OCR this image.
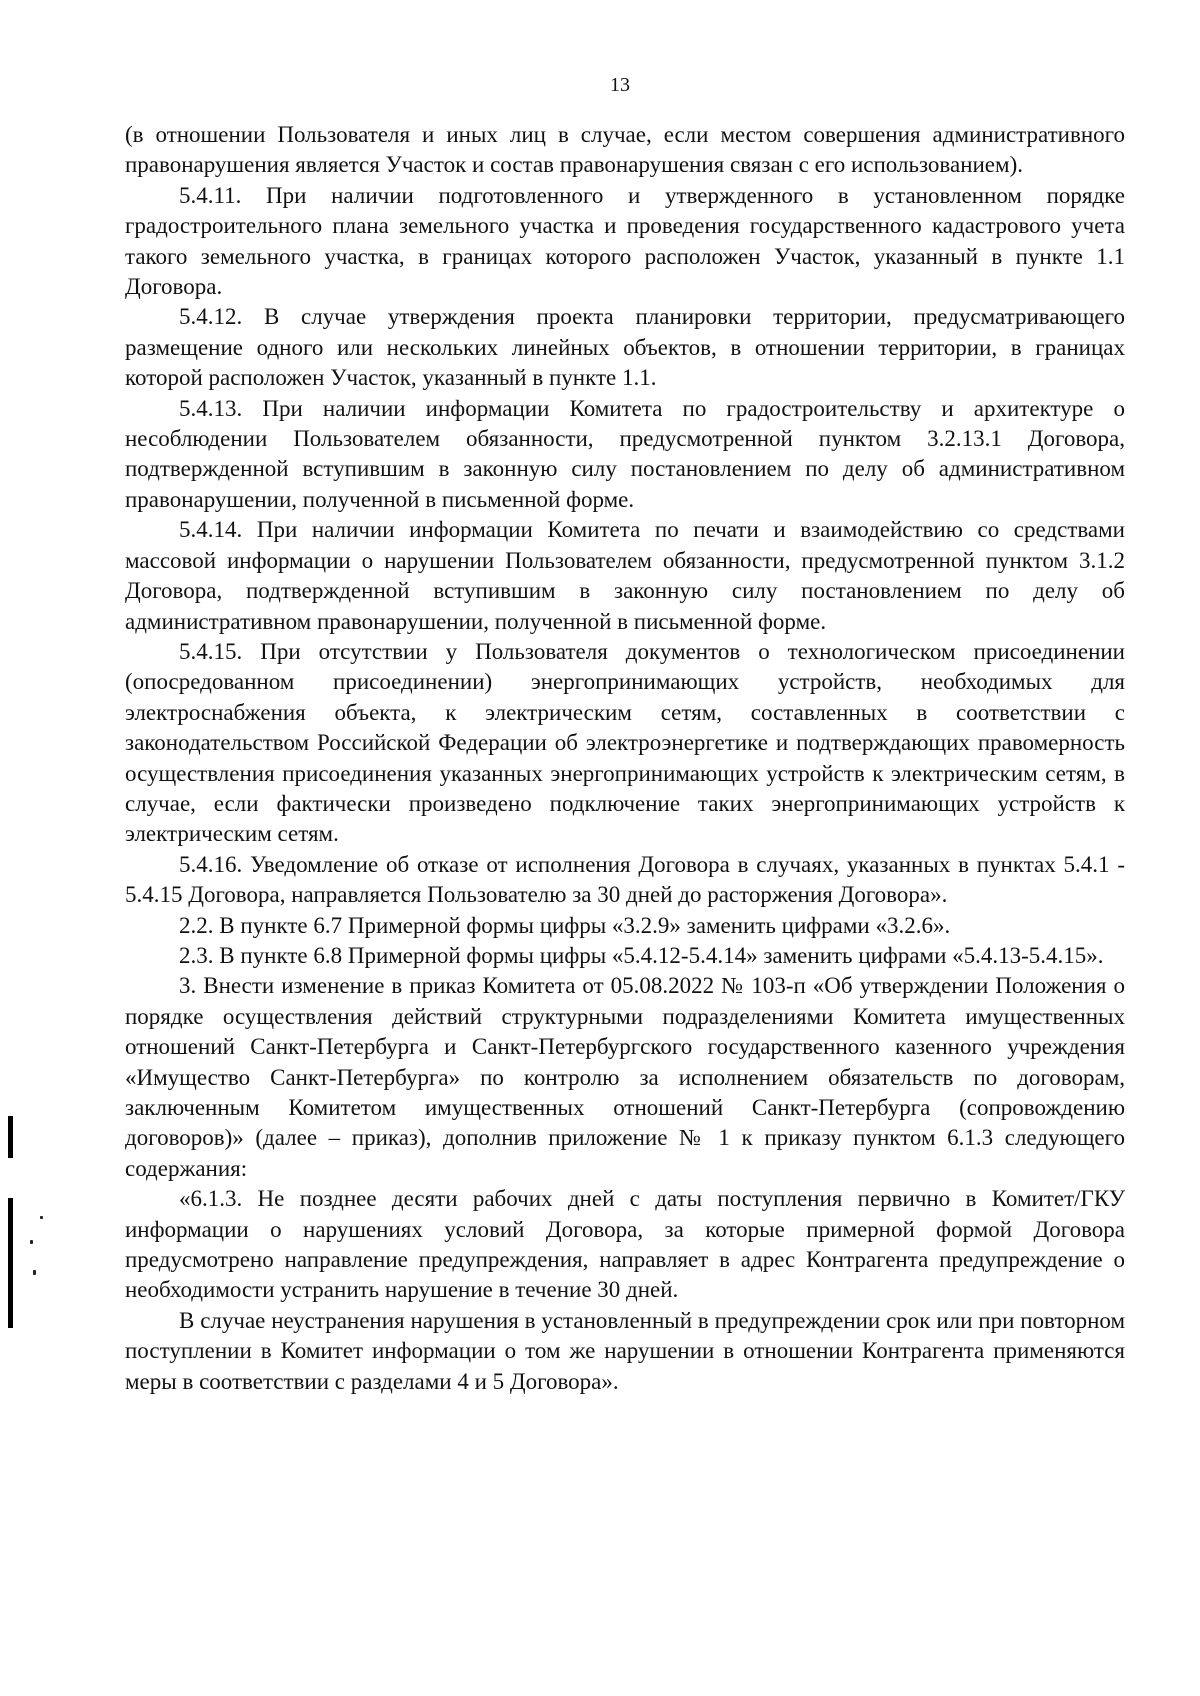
13

(в отношении Пользователя и иных лиц в случае, если местом совершения административного правонарушения является Участок и состав правонарушения связан с его использованием).

5.4.11. При наличии подготовленного и утвержденного в установленном порядке градостроительного плана земельного участка и проведения государственного кадастрового учета такого земельного участка, в границах которого расположен Участок, указанный в пункте 1.1 Договора.

5.4.12. В случае утверждения проекта планировки территории, предусматривающего размещение одного или нескольких линейных объектов, в отношении территории, в границах которой расположен Участок, указанный в пункте 1.1.

5.4.13. При наличии информации Комитета по градостроительству и архитектуре о несоблюдении Пользователем обязанности, предусмотренной пунктом 3.2.13.1 Договора, подтвержденной вступившим в законную силу постановлением по делу об административном правонарушении, полученной в письменной форме.

5.4.14. При наличии информации Комитета по печати и взаимодействию со средствами массовой информации о нарушении Пользователем обязанности, предусмотренной пунктом 3.1.2 Договора, подтвержденной вступившим в законную силу постановлением по делу об административном правонарушении, полученной в письменной форме.

5.4.15. При отсутствии у Пользователя документов о технологическом присоединении (опосредованном присоединении) энергопринимающих устройств, необходимых для электроснабжения объекта, к электрическим сетям, составленных в соответствии с законодательством Российской Федерации об электроэнергетике и подтверждающих правомерность осуществления присоединения указанных энергопринимающих устройств к электрическим сетям, в случае, если фактически произведено подключение таких энергопринимающих устройств к электрическим сетям.

5.4.16. Уведомление об отказе от исполнения Договора в случаях, указанных в пунктах 5.4.1 - 5.4.15 Договора, направляется Пользователю за 30 дней до расторжения Договора».

2.2. В пункте 6.7 Примерной формы цифры «3.2.9» заменить цифрами «3.2.6».

2.3. В пункте 6.8 Примерной формы цифры «5.4.12-5.4.14» заменить цифрами «5.4.13-5.4.15».

3. Внести изменение в приказ Комитета от 05.08.2022 № 103-п «Об утверждении Положения о порядке осуществления действий структурными подразделениями Комитета имущественных отношений Санкт-Петербурга и Санкт-Петербургского государственного казенного учреждения «Имущество Санкт-Петербурга» по контролю за исполнением обязательств по договорам, заключенным Комитетом имущественных отношений Санкт-Петербурга (сопровождению договоров)» (далее – приказ), дополнив приложение № 1 к приказу пунктом 6.1.3 следующего содержания:

«6.1.3. Не позднее десяти рабочих дней с даты поступления первично в Комитет/ГКУ информации о нарушениях условий Договора, за которые примерной формой Договора предусмотрено направление предупреждения, направляет в адрес Контрагента предупреждение о необходимости устранить нарушение в течение 30 дней.

В случае неустранения нарушения в установленный в предупреждении срок или при повторном поступлении в Комитет информации о том же нарушении в отношении Контрагента применяются меры в соответствии с разделами 4 и 5 Договора».
